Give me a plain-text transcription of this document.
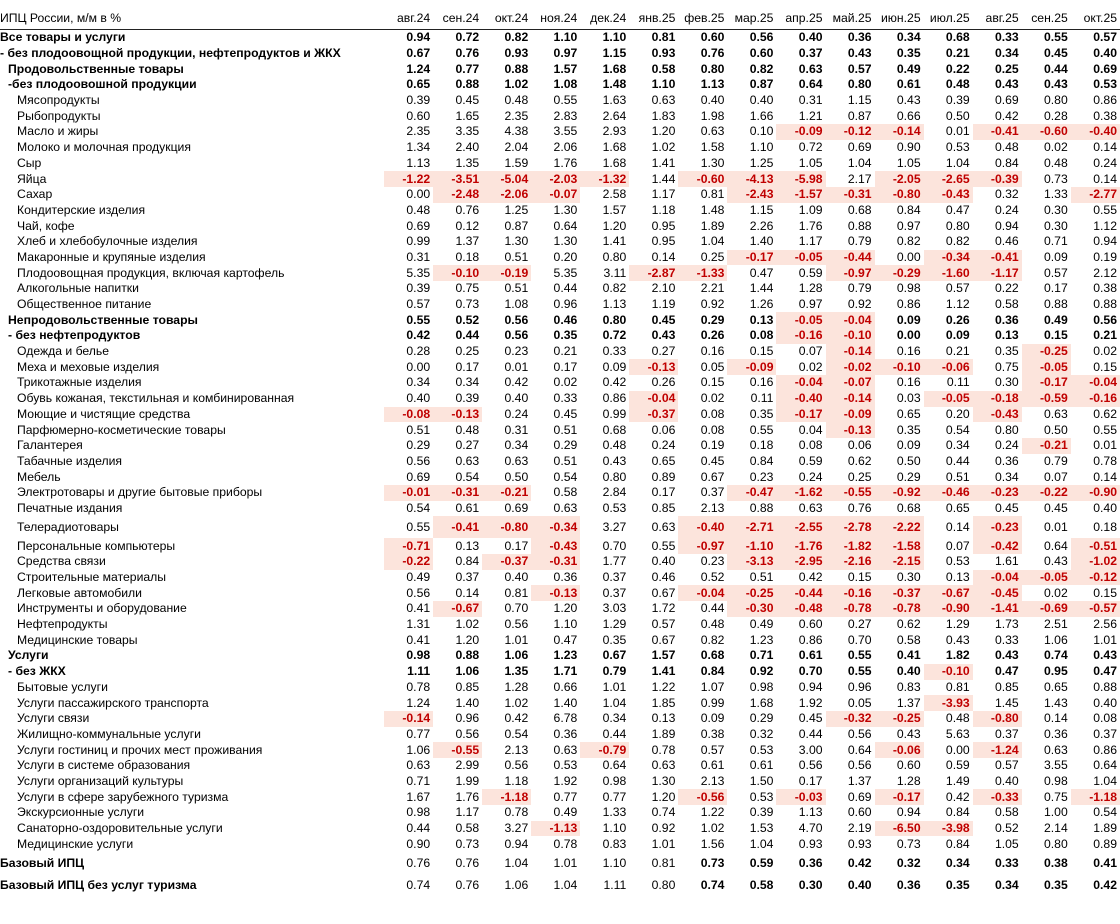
ИПЦ России, м/м в %	авг.24	сен.24	окт.24	ноя.24	дек.24	янв.25	фев.25	мар.25	апр.25	май.25	июн.25	июл.25	авг.25	сен.25	окт.25
Все товары и услуги	0.94	0.72	0.82	1.10	1.10	0.81	0.60	0.56	0.40	0.36	0.34	0.68	0.33	0.55	0.57
- без плодоовощной продукции, нефтепродуктов и ЖКХ	0.67	0.76	0.93	0.97	1.15	0.93	0.76	0.60	0.37	0.43	0.35	0.21	0.34	0.45	0.40
Продовольственные товары	1.24	0.77	0.88	1.57	1.68	0.58	0.80	0.82	0.63	0.57	0.49	0.22	0.25	0.44	0.69
-без плодоовошной продукции	0.65	0.88	1.02	1.08	1.48	1.10	1.13	0.87	0.64	0.80	0.61	0.48	0.43	0.43	0.53
Мясопродукты	0.39	0.45	0.48	0.55	1.63	0.63	0.40	0.40	0.31	1.15	0.43	0.39	0.69	0.80	0.86
Рыбопродукты	0.60	1.65	2.35	2.83	2.64	1.83	1.98	1.66	1.21	0.87	0.66	0.50	0.42	0.28	0.38
Масло и жиры	2.35	3.35	4.38	3.55	2.93	1.20	0.63	0.10	-0.09	-0.12	-0.14	0.01	-0.41	-0.60	-0.40
Молоко и молочная продукция	1.34	2.40	2.04	2.06	1.68	1.02	1.58	1.10	0.72	0.69	0.90	0.53	0.48	0.02	0.14
Сыр	1.13	1.35	1.59	1.76	1.68	1.41	1.30	1.25	1.05	1.04	1.05	1.04	0.84	0.48	0.24
Яйца	-1.22	-3.51	-5.04	-2.03	-1.32	1.44	-0.60	-4.13	-5.98	2.17	-2.05	-2.65	-0.39	0.73	0.14
Сахар	0.00	-2.48	-2.06	-0.07	2.58	1.17	0.81	-2.43	-1.57	-0.31	-0.80	-0.43	0.32	1.33	-2.77
Кондитерские изделия	0.48	0.76	1.25	1.30	1.57	1.18	1.48	1.15	1.09	0.68	0.84	0.47	0.24	0.30	0.55
Чай, кофе	0.69	0.12	0.87	0.64	1.20	0.95	1.89	2.26	1.76	0.88	0.97	0.80	0.94	0.30	1.12
Хлеб и хлебобулочные изделия	0.99	1.37	1.30	1.30	1.41	0.95	1.04	1.40	1.17	0.79	0.82	0.82	0.46	0.71	0.94
Макаронные и крупяные изделия	0.31	0.18	0.51	0.20	0.80	0.14	0.25	-0.17	-0.05	-0.44	0.00	-0.34	-0.41	0.09	0.19
Плодоовощная продукция, включая картофель	5.35	-0.10	-0.19	5.35	3.11	-2.87	-1.33	0.47	0.59	-0.97	-0.29	-1.60	-1.17	0.57	2.12
Алкогольные напитки	0.39	0.75	0.51	0.44	0.82	2.10	2.21	1.44	1.28	0.79	0.98	0.57	0.22	0.17	0.38
Общественное питание	0.57	0.73	1.08	0.96	1.13	1.19	0.92	1.26	0.97	0.92	0.86	1.12	0.58	0.88	0.88
Непродовольственные товары	0.55	0.52	0.56	0.46	0.80	0.45	0.29	0.13	-0.05	-0.04	0.09	0.26	0.36	0.49	0.56
- без нефтепродуктов	0.42	0.44	0.56	0.35	0.72	0.43	0.26	0.08	-0.16	-0.10	0.00	0.09	0.13	0.15	0.21
Одежда и белье	0.28	0.25	0.23	0.21	0.33	0.27	0.16	0.15	0.07	-0.14	0.16	0.21	0.35	-0.25	0.02
Меха и меховые изделия	0.00	0.17	0.01	0.17	0.09	-0.13	0.05	-0.09	0.02	-0.02	-0.10	-0.06	0.75	-0.05	0.15
Трикотажные изделия	0.34	0.34	0.42	0.02	0.42	0.26	0.15	0.16	-0.04	-0.07	0.16	0.11	0.30	-0.17	-0.04
Обувь кожаная, текстильная и комбинированная	0.40	0.39	0.40	0.33	0.86	-0.04	0.02	0.11	-0.40	-0.14	0.03	-0.05	-0.18	-0.59	-0.16
Моющие и чистящие средства	-0.08	-0.13	0.24	0.45	0.99	-0.37	0.08	0.35	-0.17	-0.09	0.65	0.20	-0.43	0.63	0.62
Парфюмерно-косметические товары	0.51	0.48	0.31	0.51	0.68	0.06	0.08	0.55	0.04	-0.13	0.35	0.54	0.80	0.50	0.55
Галантерея	0.29	0.27	0.34	0.29	0.48	0.24	0.19	0.18	0.08	0.06	0.09	0.34	0.24	-0.21	0.01
Табачные изделия	0.56	0.63	0.63	0.51	0.43	0.65	0.45	0.84	0.59	0.62	0.50	0.44	0.36	0.79	0.78
Мебель	0.69	0.54	0.50	0.54	0.80	0.89	0.67	0.23	0.24	0.25	0.29	0.51	0.34	0.07	0.14
Электротовары и другие бытовые приборы	-0.01	-0.31	-0.21	0.58	2.84	0.17	0.37	-0.47	-1.62	-0.55	-0.92	-0.46	-0.23	-0.22	-0.90
Печатные издания	0.54	0.61	0.69	0.63	0.53	0.85	2.13	0.88	0.63	0.76	0.68	0.65	0.45	0.45	0.40
Телерадиотовары	0.55	-0.41	-0.80	-0.34	3.27	0.63	-0.40	-2.71	-2.55	-2.78	-2.22	0.14	-0.23	0.01	0.18
Персональные компьютеры	-0.71	0.13	0.17	-0.43	0.70	0.55	-0.97	-1.10	-1.76	-1.82	-1.58	0.07	-0.42	0.64	-0.51
Средства связи	-0.22	0.84	-0.37	-0.31	1.77	0.40	0.23	-3.13	-2.95	-2.16	-2.15	0.53	1.61	0.43	-1.02
Строительные материалы	0.49	0.37	0.40	0.36	0.37	0.46	0.52	0.51	0.42	0.15	0.30	0.13	-0.04	-0.05	-0.12
Легковые автомобили	0.56	0.14	0.81	-0.13	0.37	0.67	-0.04	-0.25	-0.44	-0.16	-0.37	-0.67	-0.45	0.02	0.15
Инструменты и оборудование	0.41	-0.67	0.70	1.20	3.03	1.72	0.44	-0.30	-0.48	-0.78	-0.78	-0.90	-1.41	-0.69	-0.57
Нефтепродукты	1.31	1.02	0.56	1.10	1.29	0.57	0.48	0.49	0.60	0.27	0.62	1.29	1.73	2.51	2.56
Медицинские товары	0.41	1.20	1.01	0.47	0.35	0.67	0.82	1.23	0.86	0.70	0.58	0.43	0.33	1.06	1.01
Услуги	0.98	0.88	1.06	1.23	0.67	1.57	0.68	0.71	0.61	0.55	0.41	1.82	0.43	0.74	0.43
- без ЖКХ	1.11	1.06	1.35	1.71	0.79	1.41	0.84	0.92	0.70	0.55	0.40	-0.10	0.47	0.95	0.47
Бытовые услуги	0.78	0.85	1.28	0.66	1.01	1.22	1.07	0.98	0.94	0.96	0.83	0.81	0.85	0.65	0.88
Услуги пассажирского транспорта	1.24	1.40	1.02	1.40	1.04	1.85	0.99	1.68	1.92	0.05	1.37	-3.93	1.45	1.43	0.40
Услуги связи	-0.14	0.96	0.42	6.78	0.34	0.13	0.09	0.29	0.45	-0.32	-0.25	0.48	-0.80	0.14	0.08
Жилищно-коммунальные услуги	0.77	0.56	0.54	0.36	0.44	1.89	0.38	0.32	0.44	0.56	0.43	5.63	0.37	0.36	0.37
Услуги гостиниц и прочих мест проживания	1.06	-0.55	2.13	0.63	-0.79	0.78	0.57	0.53	3.00	0.64	-0.06	0.00	-1.24	0.63	0.86
Услуги в системе образования	0.63	2.99	0.56	0.53	0.64	0.63	0.61	0.61	0.56	0.56	0.60	0.59	0.57	3.55	0.64
Услуги организаций культуры	0.71	1.99	1.18	1.92	0.98	1.30	2.13	1.50	0.17	1.37	1.28	1.49	0.40	0.98	1.04
Услуги в сфере зарубежного туризма	1.67	1.76	-1.18	0.77	0.77	1.20	-0.56	0.53	-0.03	0.69	-0.17	0.42	-0.33	0.75	-1.18
Экскурсионные услуги	0.98	1.17	0.78	0.49	1.33	0.74	1.22	0.39	1.13	0.60	0.94	0.84	0.58	1.00	0.54
Санаторно-оздоровительные услуги	0.44	0.58	3.27	-1.13	1.10	0.92	1.02	1.53	4.70	2.19	-6.50	-3.98	0.52	2.14	1.89
Медицинские услуги	0.90	0.73	0.94	0.78	0.83	1.01	1.56	1.04	0.93	0.93	0.73	0.84	1.05	0.80	0.89
Базовый ИПЦ	0.76	0.76	1.04	1.01	1.10	0.81	0.73	0.59	0.36	0.42	0.32	0.34	0.33	0.38	0.41
Базовый ИПЦ без услуг туризма	0.74	0.76	1.06	1.04	1.11	0.80	0.74	0.58	0.30	0.40	0.36	0.35	0.34	0.35	0.42
